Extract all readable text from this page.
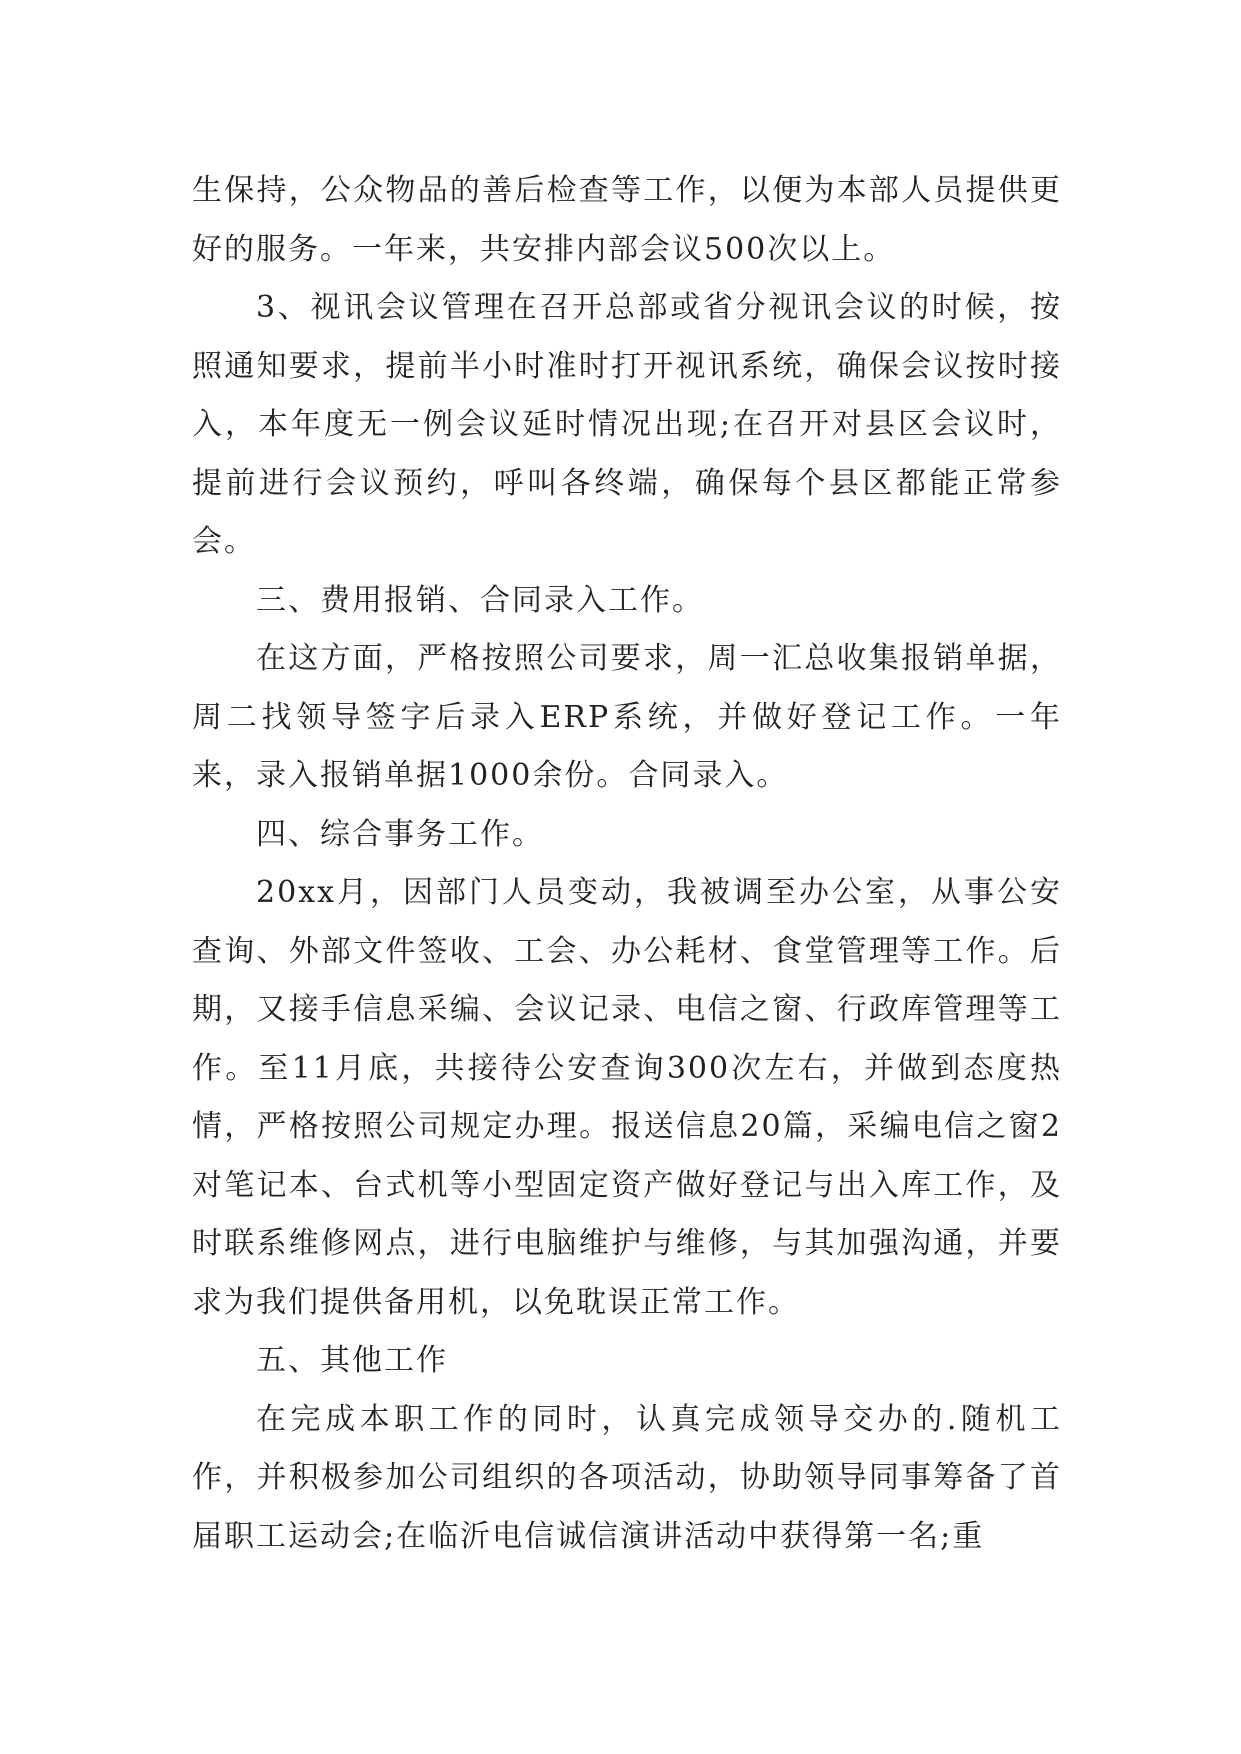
生保持，公众物品的善后检查等工作，以便为本部人员提供更好的服务。一年来，共安排内部会议500次以上。

3、视讯会议管理在召开总部或省分视讯会议的时候，按照通知要求，提前半小时准时打开视讯系统，确保会议按时接入，本年度无一例会议延时情况出现;在召开对县区会议时，提前进行会议预约，呼叫各终端，确保每个县区都能正常参会。

三、费用报销、合同录入工作。

在这方面，严格按照公司要求，周一汇总收集报销单据，周二找领导签字后录入ERP系统，并做好登记工作。一年来，录入报销单据1000余份。合同录入。

四、综合事务工作。

20xx月，因部门人员变动，我被调至办公室，从事公安查询、外部文件签收、工会、办公耗材、食堂管理等工作。后期，又接手信息采编、会议记录、电信之窗、行政库管理等工作。至11月底，共接待公安查询300次左右，并做到态度热情，严格按照公司规定办理。报送信息20篇，采编电信之窗2对笔记本、台式机等小型固定资产做好登记与出入库工作，及时联系维修网点，进行电脑维护与维修，与其加强沟通，并要求为我们提供备用机，以免耽误正常工作。

五、其他工作

在完成本职工作的同时，认真完成领导交办的.随机工作，并积极参加公司组织的各项活动，协助领导同事筹备了首届职工运动会;在临沂电信诚信演讲活动中获得第一名;重
